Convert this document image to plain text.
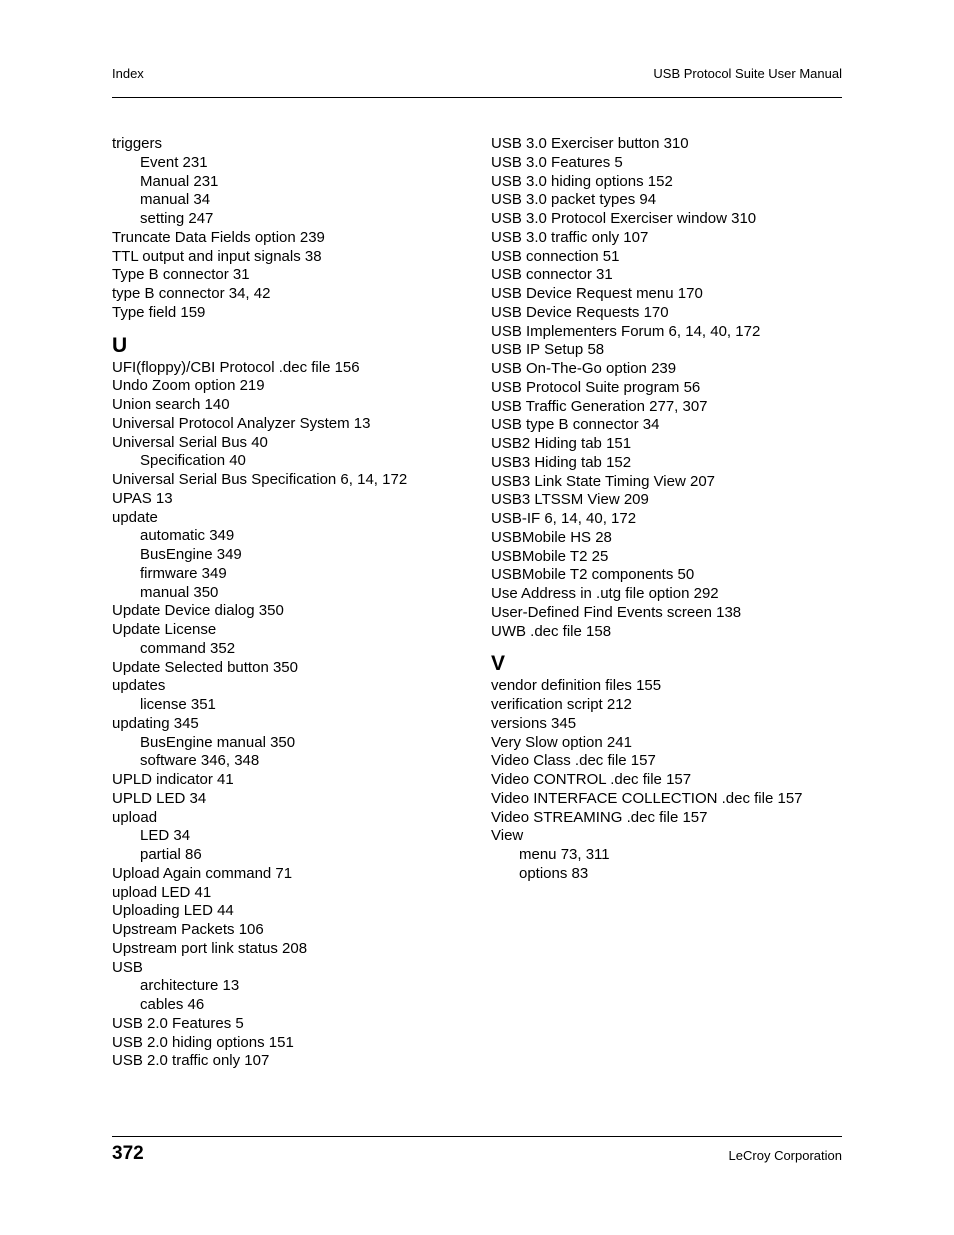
Index	USB Protocol Suite User Manual
triggers
Event 231
Manual 231
manual 34
setting 247
Truncate Data Fields option 239
TTL output and input signals 38
Type B connector 31
type B connector 34, 42
Type field 159
U
UFI(floppy)/CBI Protocol .dec file 156
Undo Zoom option 219
Union search 140
Universal Protocol Analyzer System 13
Universal Serial Bus 40
Specification 40
Universal Serial Bus Specification 6, 14, 172
UPAS 13
update
automatic 349
BusEngine 349
firmware 349
manual 350
Update Device dialog 350
Update License
command 352
Update Selected button 350
updates
license 351
updating 345
BusEngine manual 350
software 346, 348
UPLD indicator 41
UPLD LED 34
upload
LED 34
partial 86
Upload Again command 71
upload LED 41
Uploading LED 44
Upstream Packets 106
Upstream port link status 208
USB
architecture 13
cables 46
USB 2.0 Features 5
USB 2.0 hiding options 151
USB 2.0 traffic only 107
USB 3.0 Exerciser button 310
USB 3.0 Features 5
USB 3.0 hiding options 152
USB 3.0 packet types 94
USB 3.0 Protocol Exerciser window 310
USB 3.0 traffic only 107
USB connection 51
USB connector 31
USB Device Request menu 170
USB Device Requests 170
USB Implementers Forum 6, 14, 40, 172
USB IP Setup 58
USB On-The-Go option 239
USB Protocol Suite program 56
USB Traffic Generation 277, 307
USB type B connector 34
USB2 Hiding tab 151
USB3 Hiding tab 152
USB3 Link State Timing View 207
USB3 LTSSM View 209
USB-IF 6, 14, 40, 172
USBMobile HS 28
USBMobile T2 25
USBMobile T2 components 50
Use Address in .utg file option 292
User-Defined Find Events screen 138
UWB .dec file 158
V
vendor definition files 155
verification script 212
versions 345
Very Slow option 241
Video Class .dec file 157
Video CONTROL .dec file 157
Video INTERFACE COLLECTION .dec file 157
Video STREAMING .dec file 157
View
menu 73, 311
options 83
372	LeCroy Corporation
